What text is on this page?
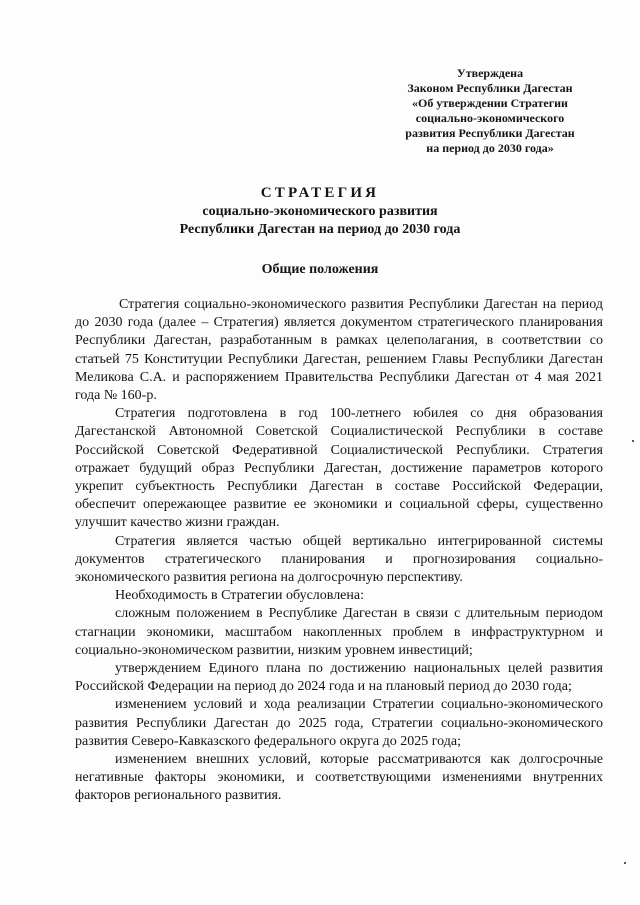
Утверждена
Законом Республики Дагестан
«Об утверждении Стратегии
социально-экономического
развития Республики Дагестан
на период до 2030 года»
СТРАТЕГИЯ
социально-экономического развития
Республики Дагестан на период до 2030 года
Общие положения

Стратегия социально-экономического развития Республики Дагестан на период до 2030 года (далее – Стратегия) является документом стратегического планирования Республики Дагестан, разработанным в рамках целеполагания, в соответствии со статьей 75 Конституции Республики Дагестан, решением Главы Республики Дагестан Меликова С.А. и распоряжением Правительства Республики Дагестан от 4 мая 2021 года № 160-р.

Стратегия подготовлена в год 100-летнего юбилея со дня образования Дагестанской Автономной Советской Социалистической Республики в составе Российской Советской Федеративной Социалистической Республики. Стратегия отражает будущий образ Республики Дагестан, достижение параметров которого укрепит субъектность Республики Дагестан в составе Российской Федерации, обеспечит опережающее развитие ее экономики и социальной сферы, существенно улучшит качество жизни граждан.

Стратегия является частью общей вертикально интегрированной системы документов стратегического планирования и прогнозирования социально-экономического развития региона на долгосрочную перспективу.

Необходимость в Стратегии обусловлена:

сложным положением в Республике Дагестан в связи с длительным периодом стагнации экономики, масштабом накопленных проблем в инфраструктурном и социально-экономическом развитии, низким уровнем инвестиций;

утверждением Единого плана по достижению национальных целей развития Российской Федерации на период до 2024 года и на плановый период до 2030 года;

изменением условий и хода реализации Стратегии социально-экономического развития Республики Дагестан до 2025 года, Стратегии социально-экономического развития Северо-Кавказского федерального округа до 2025 года;

изменением внешних условий, которые рассматриваются как долгосрочные негативные факторы экономики, и соответствующими изменениями внутренних факторов регионального развития.
